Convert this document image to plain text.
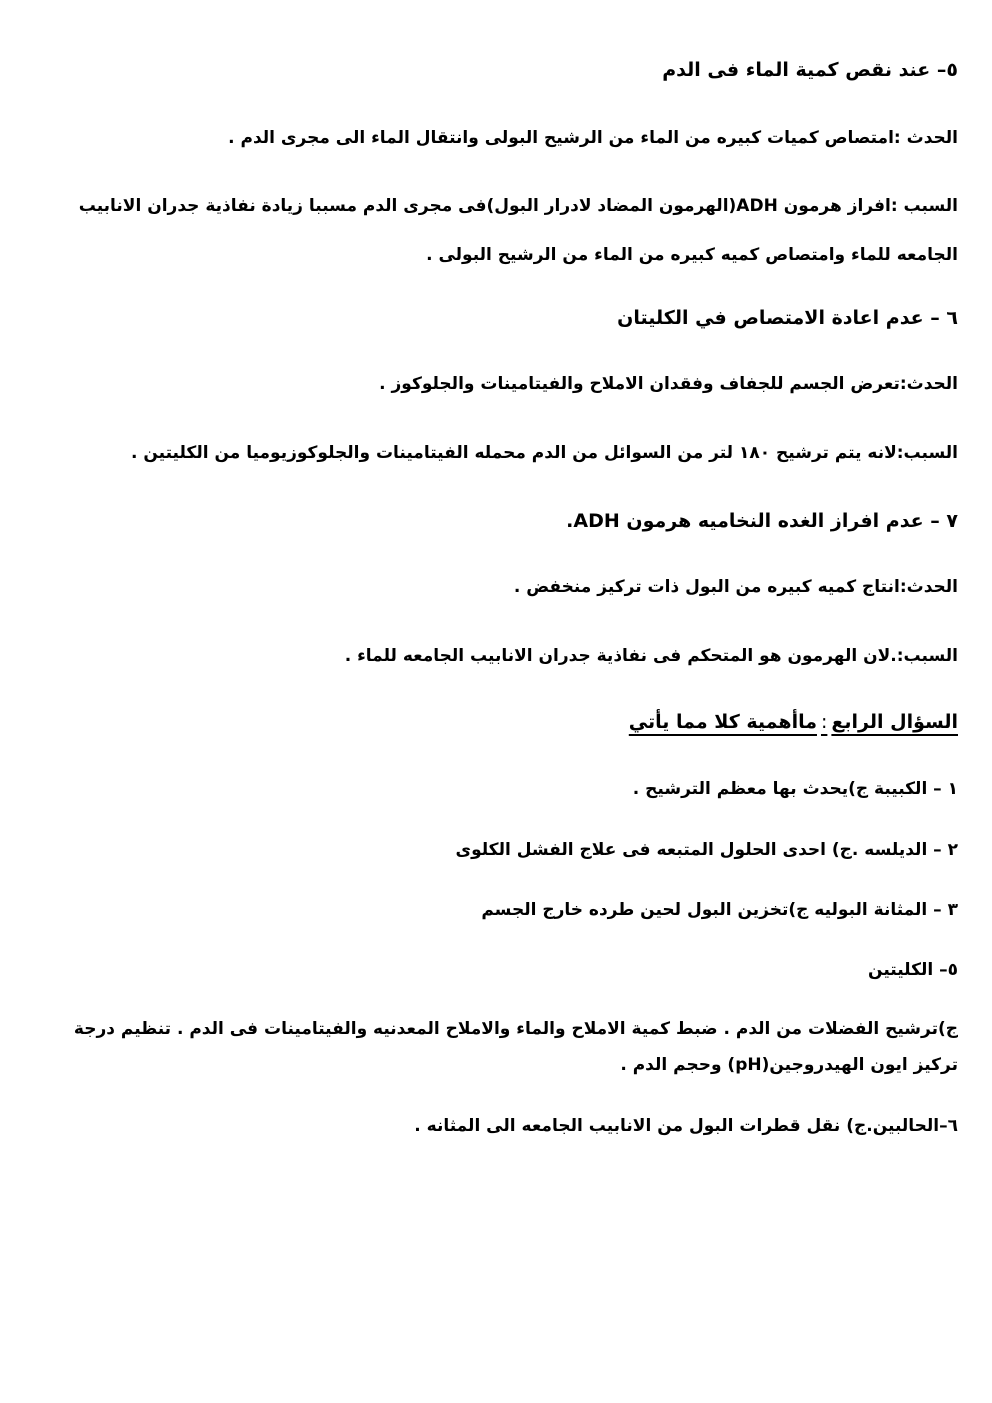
٥– عند نقص كمية الماء فى الدم
الحدث :امتصاص كميات كبيره من الماء من الرشيح البولى وانتقال الماء الى مجرى الدم .
السبب :افراز هرمون ADH(الهرمون المضاد لادرار البول)فى مجرى الدم مسببا زيادة نفاذية جدران الانابيب الجامعه للماء وامتصاص كميه كبيره من الماء من الرشيح البولى .
٦ – عدم اعادة الامتصاص في الكليتان
الحدث:تعرض الجسم للجفاف وفقدان الاملاح والفيتامينات والجلوكوز .
السبب:لانه يتم ترشيح ١٨٠ لتر من السوائل من الدم محمله الفيتامينات والجلوكوزيوميا من الكليتين .
٧ – عدم افراز الغده النخاميه هرمون ADH.
الحدث:انتاج كميه كبيره من البول ذات تركيز منخفض .
السبب:.لان الهرمون هو المتحكم فى نفاذية جدران الانابيب الجامعه للماء .
السؤال الرابع:ماأهمية كلا مما يأتي
١ – الكبيبة ج)يحدث بها معظم الترشيح .
٢ – الديلسه .ج) احدى الحلول المتبعه فى علاج الفشل الكلوى
٣ – المثانة البوليه ج)تخزين البول لحين طرده خارج الجسم
٥– الكليتين
ج)ترشيح الفضلات من الدم . ضبط كمية الاملاح والماء والاملاح المعدنيه والفيتامينات فى الدم . تنظيم درجة تركيز ايون الهيدروجين(pH) وحجم الدم .
٦–الحالبين.ج) نقل قطرات البول من الانابيب الجامعه الى المثانه .
